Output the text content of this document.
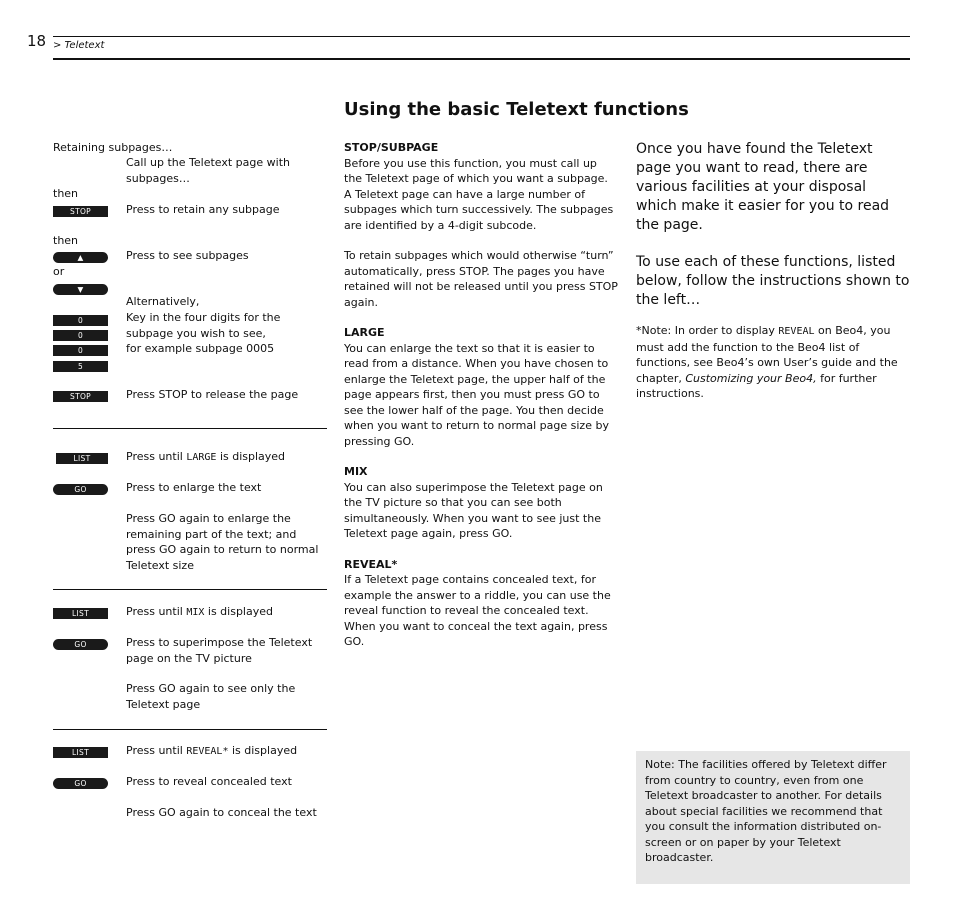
18 > Teletext
Using the basic Teletext functions
Retaining subpages…
Call up the Teletext page with subpages…
then
STOP	Press to retain any subpage
then
▲	Press to see subpages
or
▼
Alternatively,
Key in the four digits for the subpage you wish to see,
for example subpage 0005
0
0
0
5
STOP	Press STOP to release the page
LIST	Press until LARGE is displayed
GO	Press to enlarge the text
Press GO again to enlarge the remaining part of the text; and press GO again to return to normal Teletext size
LIST	Press until MIX is displayed
GO	Press to superimpose the Teletext page on the TV picture
Press GO again to see only the Teletext page
LIST	Press until REVEAL* is displayed
GO	Press to reveal concealed text
Press GO again to conceal the text
STOP/SUBPAGE

Before you use this function, you must call up the Teletext page of which you want a subpage. A Teletext page can have a large number of subpages which turn successively. The subpages are identified by a 4-digit subcode.

To retain subpages which would otherwise “turn” automatically, press STOP. The pages you have retained will not be released until you press STOP again.

LARGE

You can enlarge the text so that it is easier to read from a distance. When you have chosen to enlarge the Teletext page, the upper half of the page appears first, then you must press GO to see the lower half of the page. You then decide when you want to return to normal page size by pressing GO.

MIX

You can also superimpose the Teletext page on the TV picture so that you can see both simultaneously. When you want to see just the Teletext page again, press GO.

REVEAL*

If a Teletext page contains concealed text, for example the answer to a riddle, you can use the reveal function to reveal the concealed text. When you want to conceal the text again, press GO.

Once you have found the Teletext page you want to read, there are various facilities at your disposal which make it easier for you to read the page.
To use each of these functions, listed below, follow the instructions shown to the left…
*Note: In order to display REVEAL on Beo4, you must add the function to the Beo4 list of functions, see Beo4’s own User’s guide and the chapter, Customizing your Beo4, for further instructions.
Note: The facilities offered by Teletext differ from country to country, even from one Teletext broadcaster to another. For details about special facilities we recommend that you consult the information distributed on-screen or on paper by your Teletext broadcaster.
